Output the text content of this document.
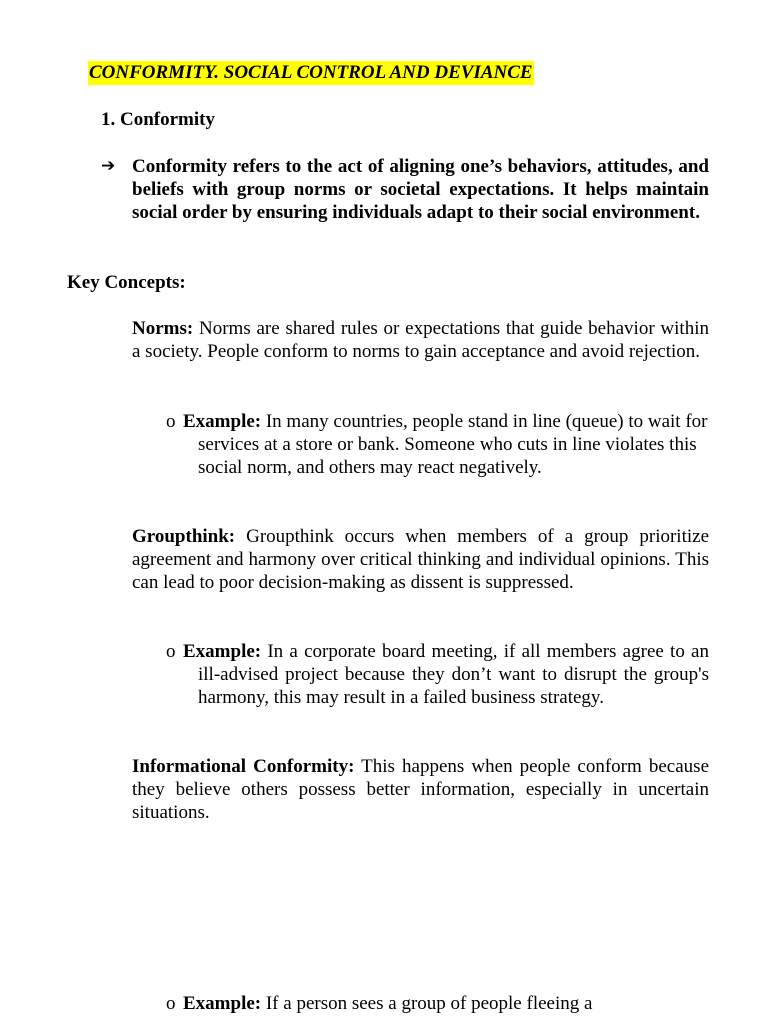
CONFORMITY. SOCIAL CONTROL AND DEVIANCE
1. Conformity
➔ Conformity refers to the act of aligning one’s behaviors, attitudes, and beliefs with group norms or societal expectations. It helps maintain social order by ensuring individuals adapt to their social environment.
Key Concepts:
Norms: Norms are shared rules or expectations that guide behavior within a society. People conform to norms to gain acceptance and avoid rejection.
o Example: In many countries, people stand in line (queue) to wait for services at a store or bank. Someone who cuts in line violates this social norm, and others may react negatively.
Groupthink: Groupthink occurs when members of a group prioritize agreement and harmony over critical thinking and individual opinions. This can lead to poor decision-making as dissent is suppressed.
o Example: In a corporate board meeting, if all members agree to an ill-advised project because they don’t want to disrupt the group's harmony, this may result in a failed business strategy.
Informational Conformity: This happens when people conform because they believe others possess better information, especially in uncertain situations.
o Example: If a person sees a group of people fleeing a
